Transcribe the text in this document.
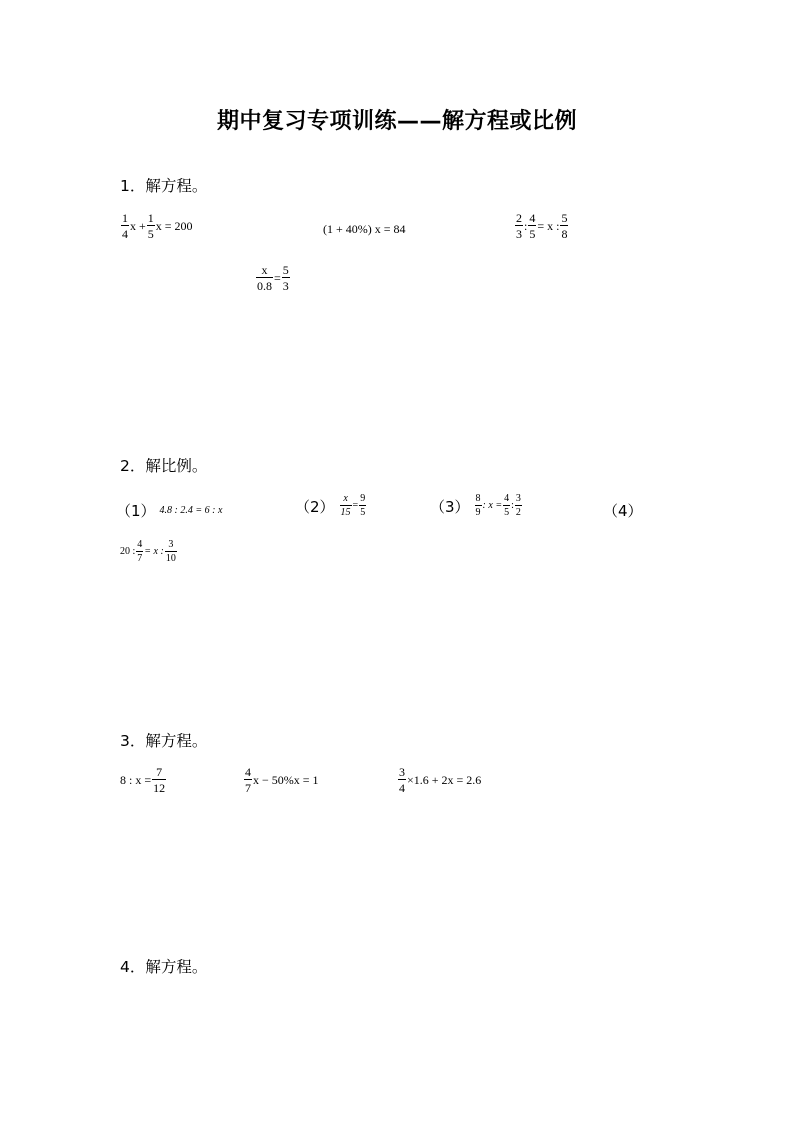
期中复习专项训练——解方程或比例
1．解方程。
$\frac{1}{4}$ $x + \frac{1}{5}$ x = 200	(1 + 40%) x = 84	$\frac{2}{3}$ : $\frac{4}{5} = x$ : $\frac{5}{8}$
$\frac{x}{0.8} = \frac{5}{3}$
2．解比例。
（1） 4.8 : 2.4 = 6 : x	$(2) \frac{x}{15} = \frac{9}{5}$	$(3) \frac{8}{9}$ : $x = \frac{4}{5}$ : $\frac{3}{2}$	（4）
20 : $\frac{4}{7} = x$ : $\frac{3}{10}$
3．解方程。
8 : $x = \frac{7}{12}$	$\frac{4}{7}$ x − 50%x = 1	$\frac{3}{4} \times 1.6 + 2x = 2.6$
4．解方程。
